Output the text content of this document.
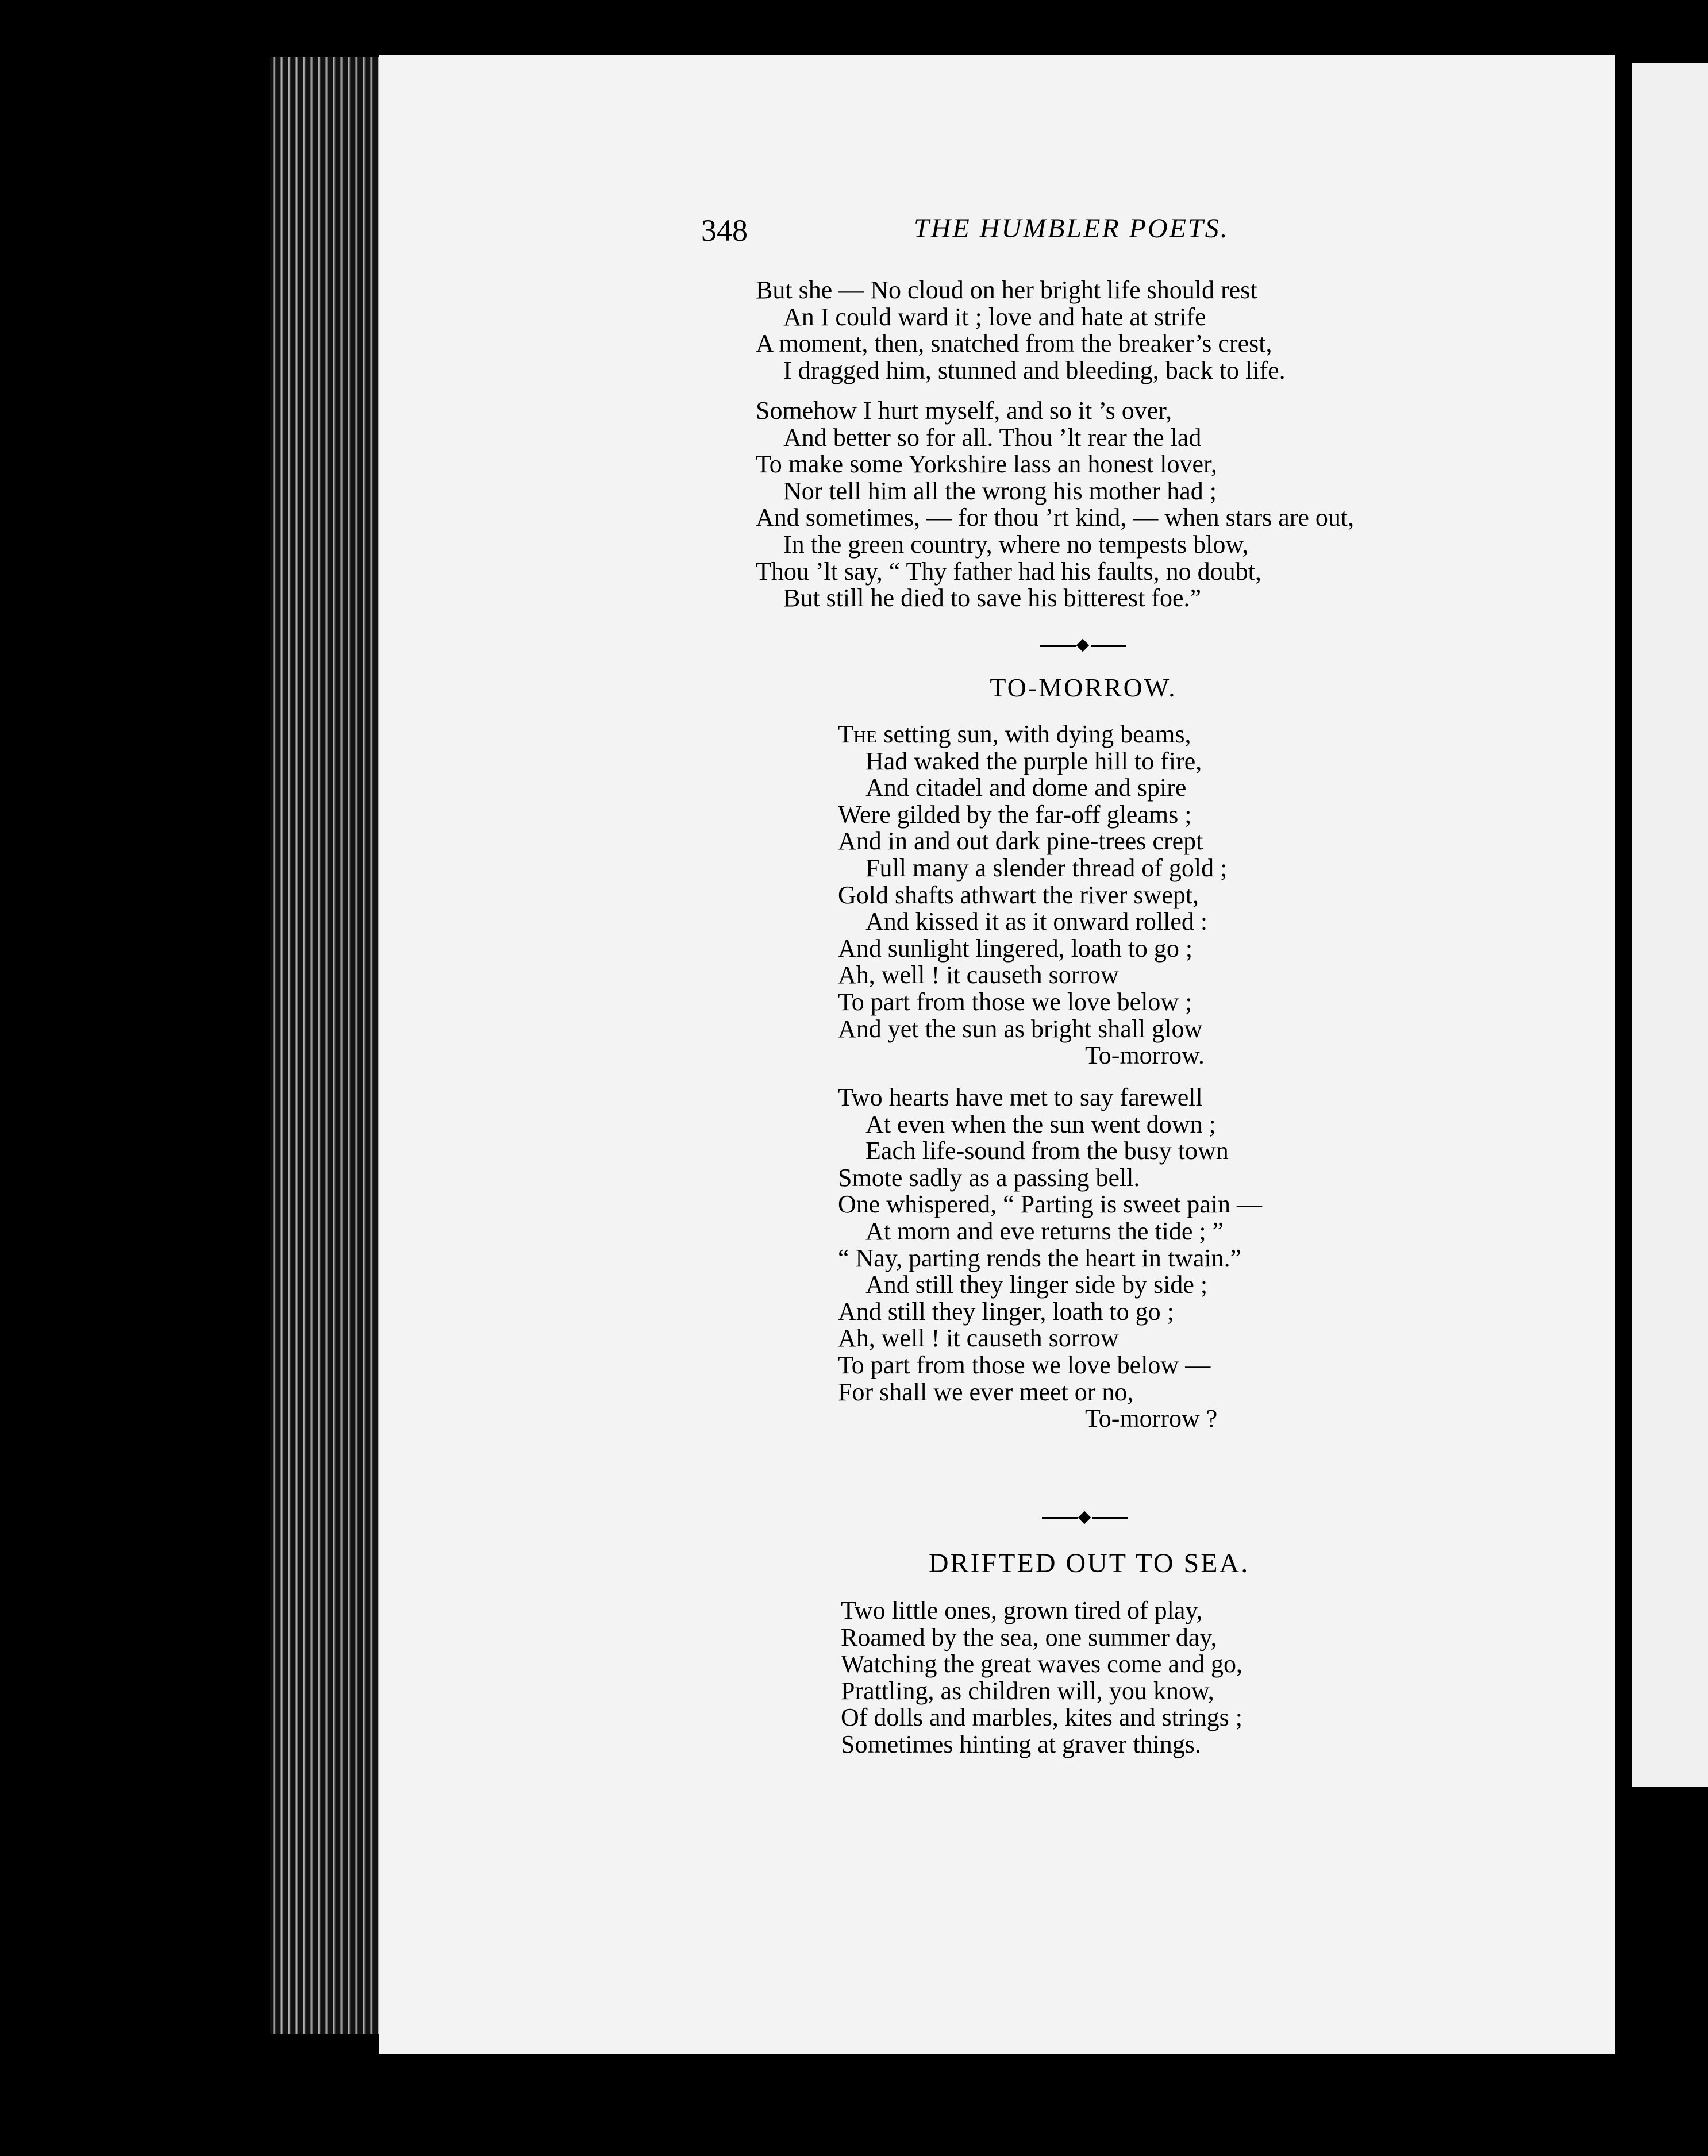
348	THE HUMBLER POETS.
But she — No cloud on her bright life should rest
An I could ward it ; love and hate at strife
A moment, then, snatched from the breaker’s crest,
I dragged him, stunned and bleeding, back to life.
Somehow I hurt myself, and so it ’s over,
And better so for all. Thou ’lt rear the lad
To make some Yorkshire lass an honest lover,
Nor tell him all the wrong his mother had ;
And sometimes, — for thou ’rt kind, — when stars are out,
In the green country, where no tempests blow,
Thou ’lt say, “ Thy father had his faults, no doubt,
But still he died to save his bitterest foe.”
TO-MORROW.
The setting sun, with dying beams,
Had waked the purple hill to fire,
And citadel and dome and spire
Were gilded by the far-off gleams ;
And in and out dark pine-trees crept
Full many a slender thread of gold ;
Gold shafts athwart the river swept,
And kissed it as it onward rolled :
And sunlight lingered, loath to go ;
Ah, well ! it causeth sorrow
To part from those we love below ;
And yet the sun as bright shall glow
To-morrow.
Two hearts have met to say farewell
At even when the sun went down ;
Each life-sound from the busy town
Smote sadly as a passing bell.
One whispered, “ Parting is sweet pain —
At morn and eve returns the tide ; ”
“ Nay, parting rends the heart in twain.”
And still they linger side by side ;
And still they linger, loath to go ;
Ah, well ! it causeth sorrow
To part from those we love below —
For shall we ever meet or no,
To-morrow ?
DRIFTED OUT TO SEA.
Two little ones, grown tired of play,
Roamed by the sea, one summer day,
Watching the great waves come and go,
Prattling, as children will, you know,
Of dolls and marbles, kites and strings ;
Sometimes hinting at graver things.
